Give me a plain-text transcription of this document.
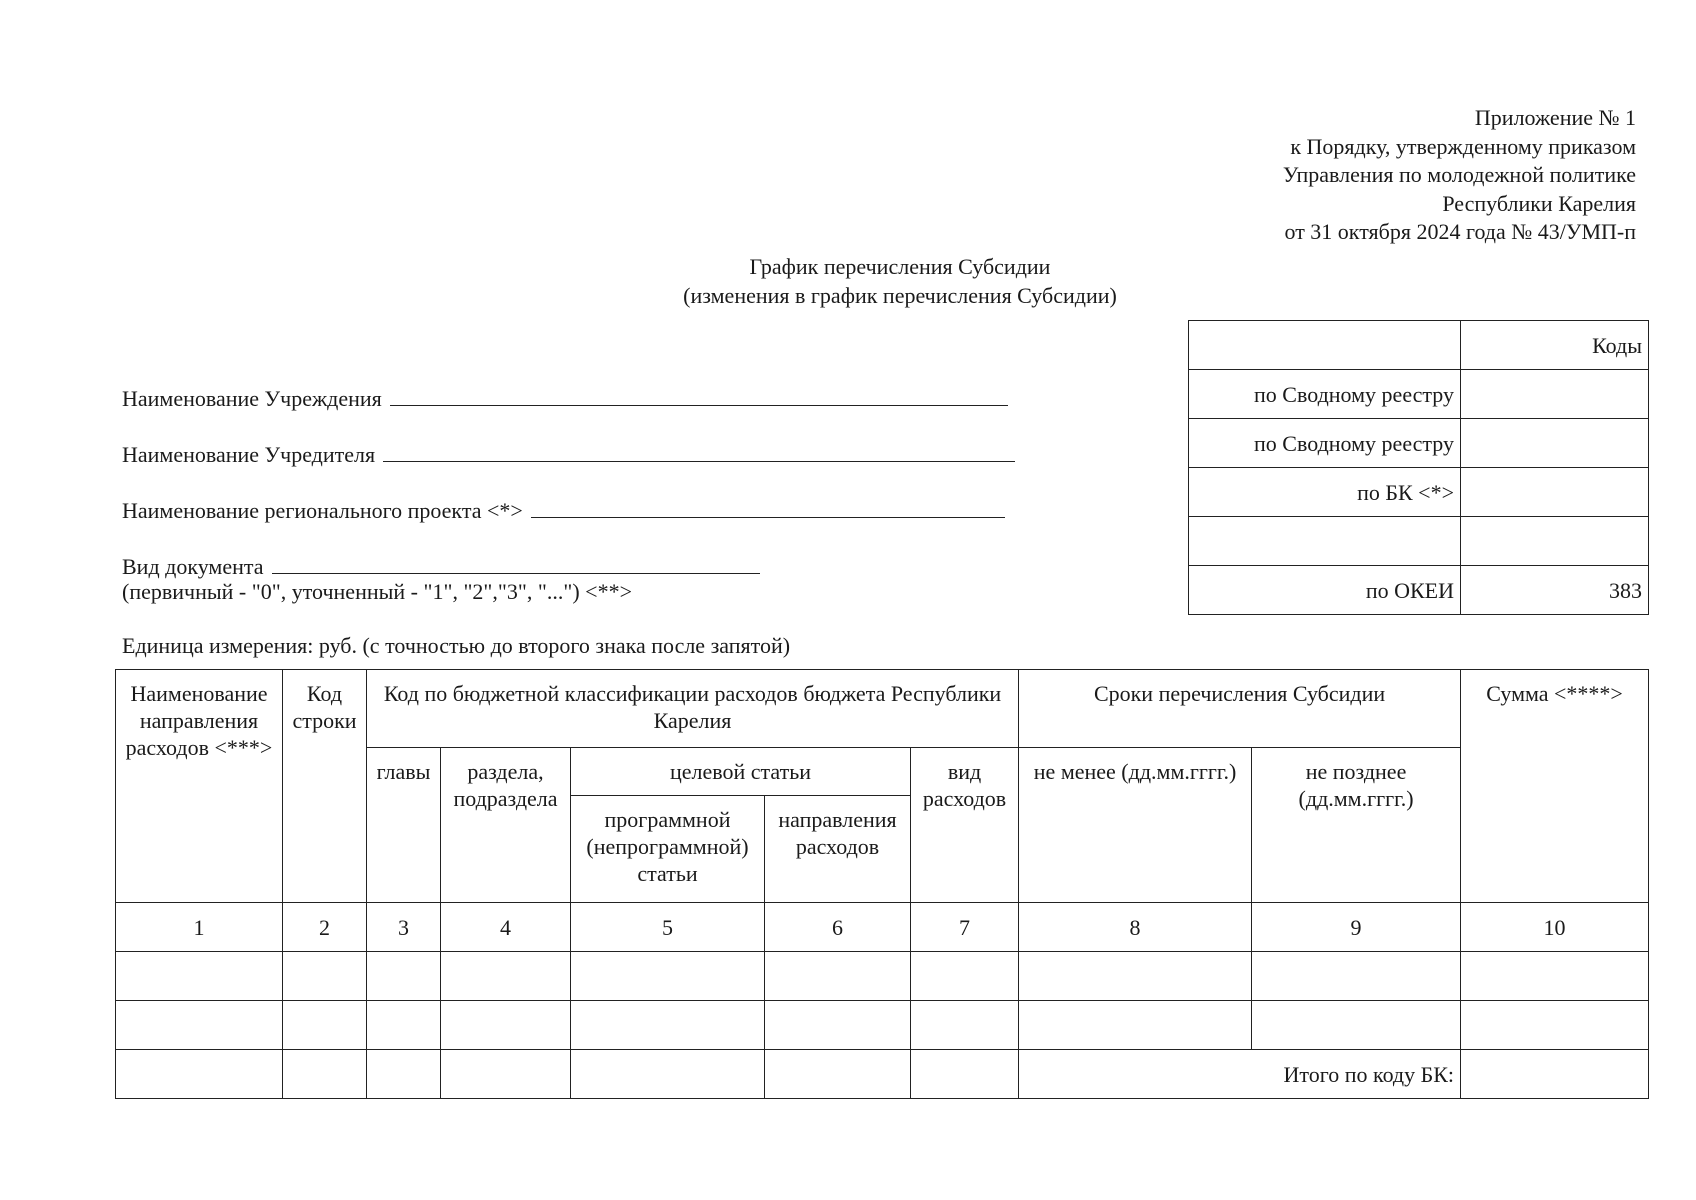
Приложение № 1
к Порядку, утвержденному приказом
Управления по молодежной политике
Республики Карелия
от 31 октября 2024 года № 43/УМП-п
График перечисления Субсидии
(изменения в график перечисления Субсидии)
Наименование Учреждения
Наименование Учредителя
Наименование регионального проекта <*>
Вид документа
(первичный - "0", уточненный - "1", "2","3", "...") <**>
Единица измерения: руб. (с точностью до второго знака после запятой)
	Коды
по Сводному реестру	
по Сводному реестру	
по БК <*>	

по ОКЕИ	383
Наименование направления расходов <***>	Код строки	Код по бюджетной классификации расходов бюджета Республики Карелия					Сроки перечисления Субсидии		Сумма <****>
		главы	раздела, подраздела	целевой статьи		вид расходов	не менее (дд.мм.гггг.)	не позднее (дд.мм.гггг.)	
				программной (непрограммной) статьи	направления расходов				
1	2	3	4	5	6	7	8	9	10

							Итого по коду БК:		
